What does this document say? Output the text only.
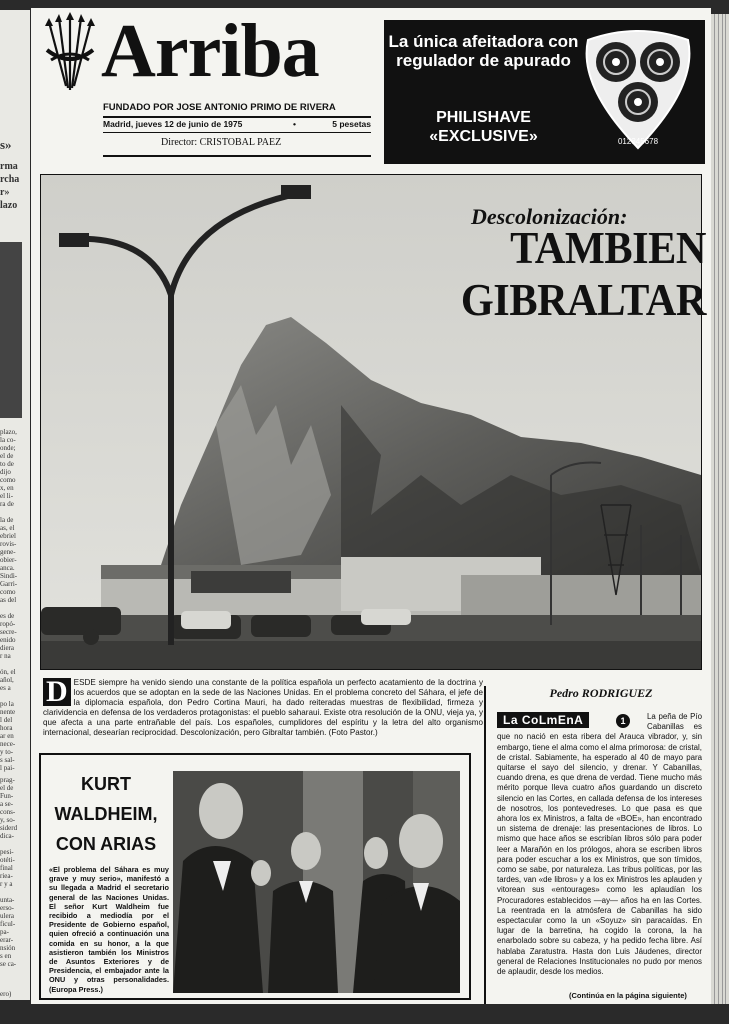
s»
rma
rcha
r»
lazo
plazo,
la co-
onde;
el de
to de
dijo
como
x, en
el li-
ra de

la de
as, el
ebriel
rovis-
gene-
obier-
anca.
Sindi-
Garri-
como
as del

es de
ropó-
secre-
enido
diera
r na

ón, el
añol,
es a

po la
nente
l del
hora
ar en
nece-
y to-
s sal-
l pai-
prag-
el de
Fun-
a se-
cons-
y, so-
siderd
dica-

pesi-
otéti-
final
riea-
r y a

unta-
erso-
ulera
ficul-
pa-
erar-
nsión
s en
se ca-
ero)
Arriba
FUNDADO POR JOSE ANTONIO PRIMO DE RIVERA
Madrid, jueves 12 de junio de 1975	•	5 pesetas
Director: CRISTOBAL PAEZ
La única afeitadora con regulador de apurado
PHILISHAVE
«EXCLUSIVE»	012345678
Descolonización:
TAMBIEN
GIBRALTAR
D ESDE siempre ha venido siendo una constante de la política española un perfecto acatamiento de la doctrina y los acuerdos que se adoptan en la sede de las Naciones Unidas. En el problema concreto del Sáhara, el jefe de la diplomacia española, don Pedro Cortina Mauri, ha dado reiteradas muestras de flexibilidad, firmeza y clarividencia en defensa de los verdaderos protagonistas: el pueblo saharaui. Existe otra resolución de la ONU, vieja ya, y que afecta a una parte entrañable del país. Los españoles, cumplidores del espíritu y la letra del alto organismo internacional, desearían reciprocidad. Descolonización, pero Gibraltar también. (Foto Pastor.)
KURT
WALDHEIM,
CON ARIAS
«El problema del Sáhara es muy grave y muy serio», manifestó a su llegada a Madrid el secretario general de las Naciones Unidas. El señor Kurt Waldheim fue recibido a mediodía por el Presidente de Gobierno español, quien ofreció a continuación una comida en su honor, a la que asistieron también los Ministros de Asuntos Exteriores y de Presidencia, el embajador ante la ONU y otras personalidades. (Europa Press.)
Pedro RODRIGUEZ
La CoLmEnA	1	La peña de Pío Cabanillas es que no nació en esta ribera del Arauca vibrador, y, sin embargo, tiene el alma como el alma primorosa: de cristal, de cristal. Sabiamente, ha esperado al 40 de mayo para quitarse el sayo del silencio, y drenar. Y Cabanillas, cuando drena, es que drena de verdad. Tiene mucho más mérito porque lleva cuatro años guardando un discreto silencio en las Cortes, en callada defensa de los intereses de nosotros, los pontevedreses. Lo que pasa es que ahora los ex Ministros, a falta de «BOE», han encontrado un sistema de drenaje: las presentaciones de libros. Lo mismo que hace años se escribían libros sólo para poder leer a Marañón en los prólogos, ahora se escriben libros para poder escuchar a los ex Ministros, que son tímidos, como se sabe, por naturaleza. Las tribus políticas, por las tardes, van «de libros» y a los ex Ministros les aplauden y vitorean sus «entourages» como les aplaudían los Procuradores establecidos —ay— años ha en las Cortes. La reentrada en la atmósfera de Cabanillas ha sido espectacular como la un «Soyuz» sin paracaídas. En lugar de la barretina, ha cogido la corona, la ha enarbolado sobre su cabeza, y ha pedido fecha libre. Así hablaba Zaratustra. Hasta don Luis Jáudenes, director general de Relaciones Institucionales no pudo por menos de aplaudir, desde los medios.
(Continúa en la página siguiente)
